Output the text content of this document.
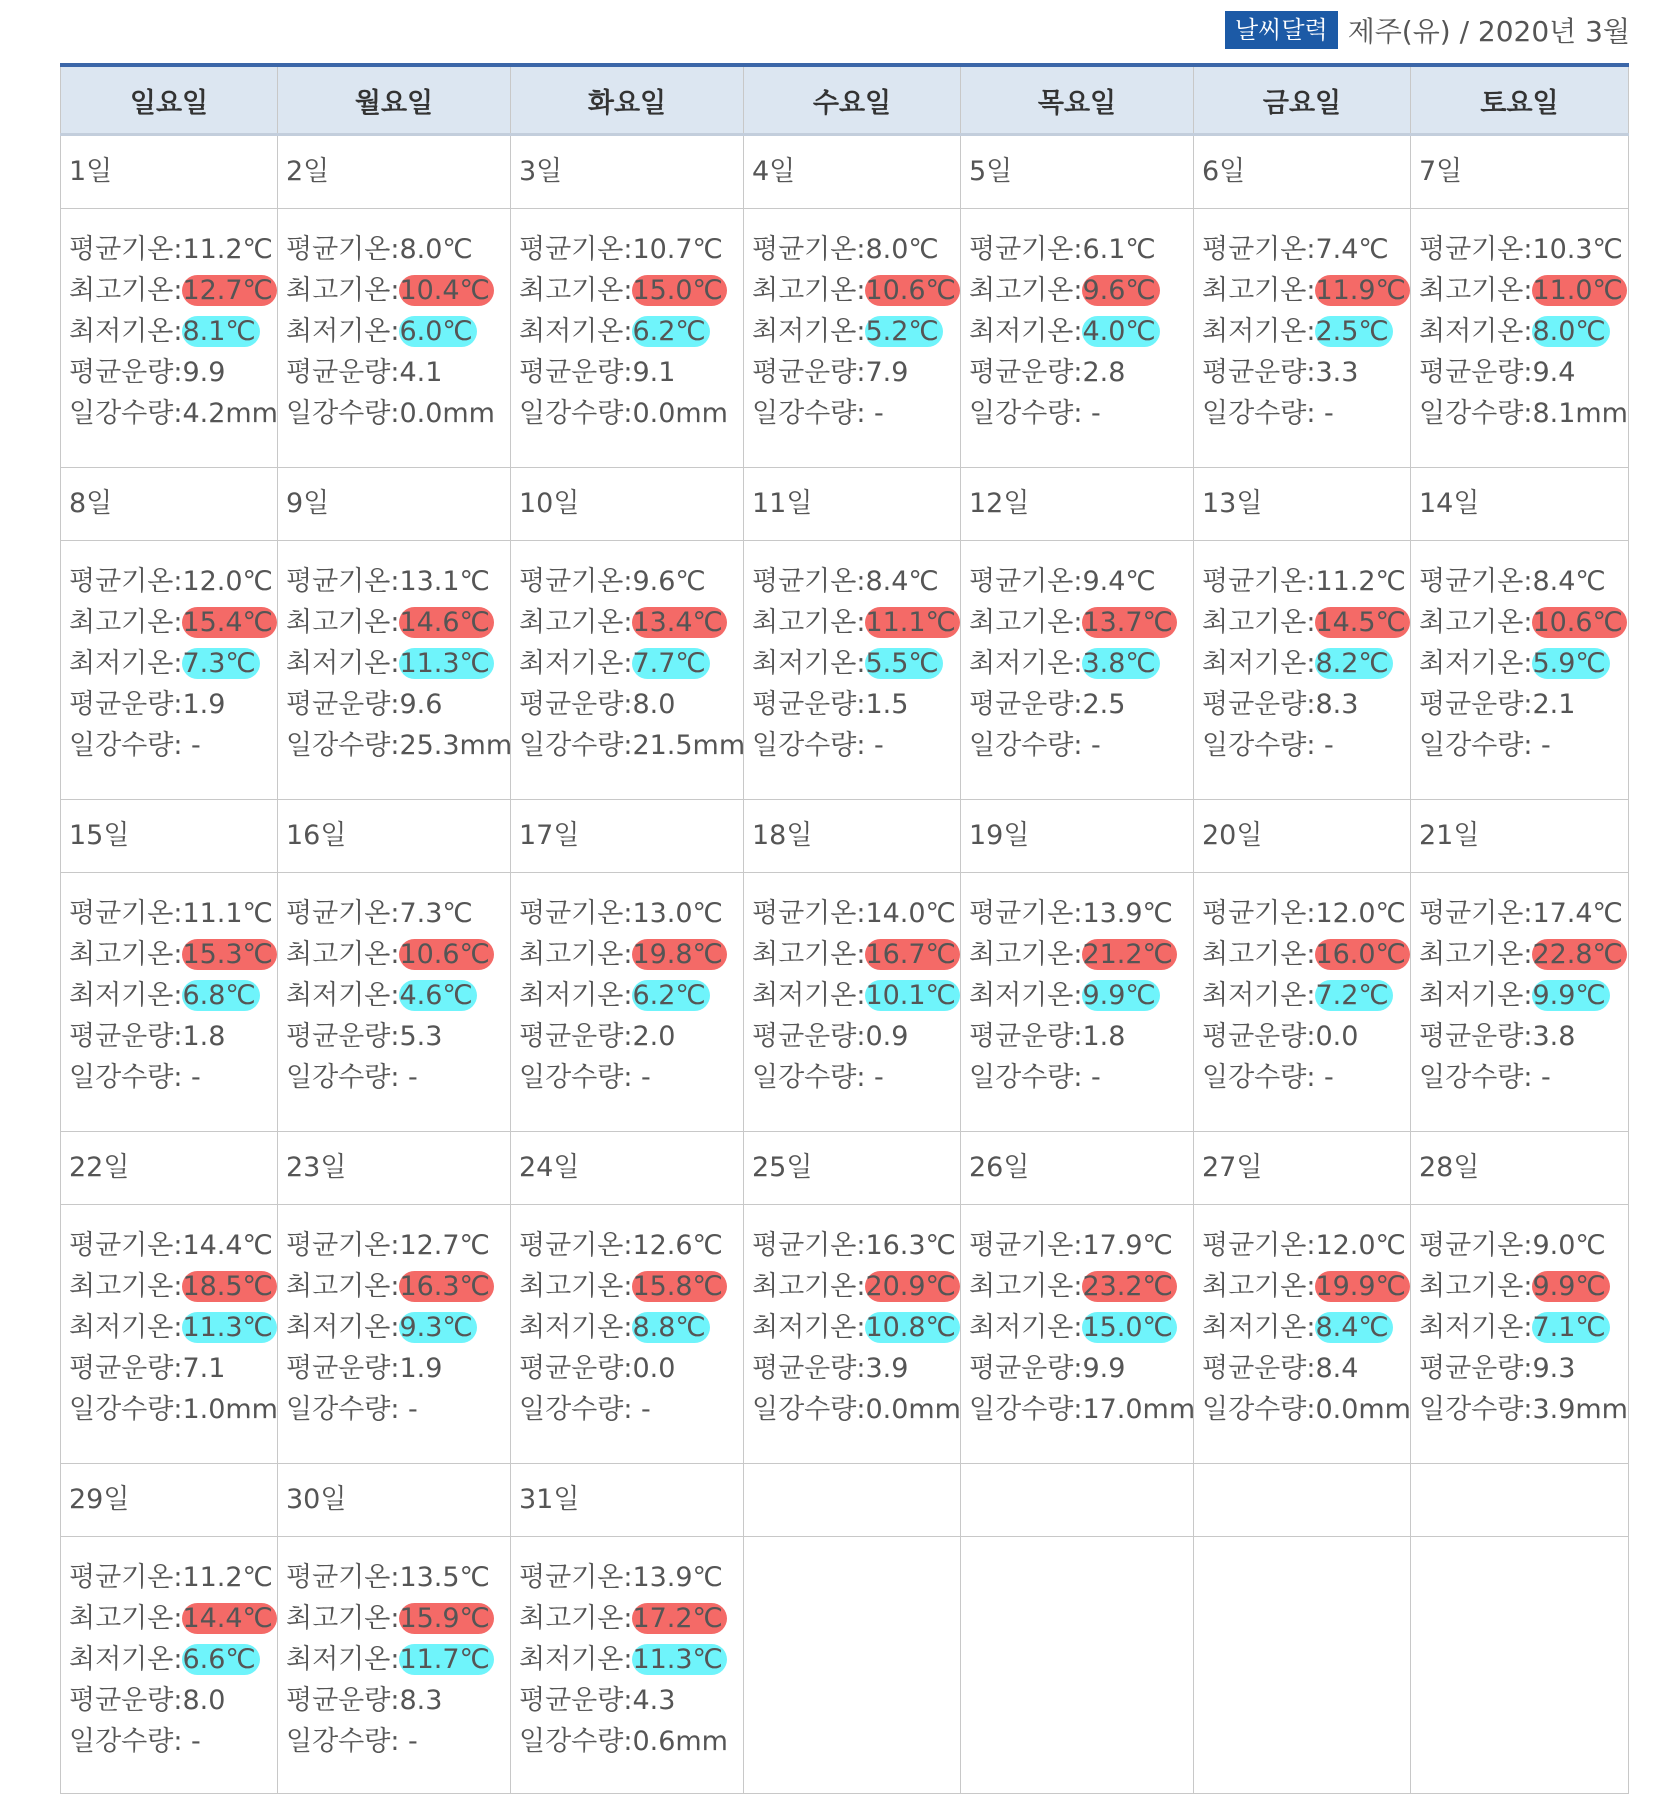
날씨달력 제주(유) / 2020년 3월
일요일	월요일	화요일	수요일	목요일	금요일	토요일
1일	2일	3일	4일	5일	6일	7일

평균기온:11.2℃
최고기온:12.7℃
최저기온:8.1℃
평균운량:9.9
일강수량:4.2mm	평균기온:8.0℃
최고기온:10.4℃
최저기온:6.0℃
평균운량:4.1
일강수량:0.0mm	평균기온:10.7℃
최고기온:15.0℃
최저기온:6.2℃
평균운량:9.1
일강수량:0.0mm	평균기온:8.0℃
최고기온:10.6℃
최저기온:5.2℃
평균운량:7.9
일강수량: -	평균기온:6.1℃
최고기온:9.6℃
최저기온:4.0℃
평균운량:2.8
일강수량: -	평균기온:7.4℃
최고기온:11.9℃
최저기온:2.5℃
평균운량:3.3
일강수량: -	평균기온:10.3℃
최고기온:11.0℃
최저기온:8.0℃
평균운량:9.4
일강수량:8.1mm

8일	9일	10일	11일	12일	13일	14일

평균기온:12.0℃
최고기온:15.4℃
최저기온:7.3℃
평균운량:1.9
일강수량: -	평균기온:13.1℃
최고기온:14.6℃
최저기온:11.3℃
평균운량:9.6
일강수량:25.3mm	평균기온:9.6℃
최고기온:13.4℃
최저기온:7.7℃
평균운량:8.0
일강수량:21.5mm	평균기온:8.4℃
최고기온:11.1℃
최저기온:5.5℃
평균운량:1.5
일강수량: -	평균기온:9.4℃
최고기온:13.7℃
최저기온:3.8℃
평균운량:2.5
일강수량: -	평균기온:11.2℃
최고기온:14.5℃
최저기온:8.2℃
평균운량:8.3
일강수량: -	평균기온:8.4℃
최고기온:10.6℃
최저기온:5.9℃
평균운량:2.1
일강수량: -

15일	16일	17일	18일	19일	20일	21일

평균기온:11.1℃
최고기온:15.3℃
최저기온:6.8℃
평균운량:1.8
일강수량: -	평균기온:7.3℃
최고기온:10.6℃
최저기온:4.6℃
평균운량:5.3
일강수량: -	평균기온:13.0℃
최고기온:19.8℃
최저기온:6.2℃
평균운량:2.0
일강수량: -	평균기온:14.0℃
최고기온:16.7℃
최저기온:10.1℃
평균운량:0.9
일강수량: -	평균기온:13.9℃
최고기온:21.2℃
최저기온:9.9℃
평균운량:1.8
일강수량: -	평균기온:12.0℃
최고기온:16.0℃
최저기온:7.2℃
평균운량:0.0
일강수량: -	평균기온:17.4℃
최고기온:22.8℃
최저기온:9.9℃
평균운량:3.8
일강수량: -

22일	23일	24일	25일	26일	27일	28일

평균기온:14.4℃
최고기온:18.5℃
최저기온:11.3℃
평균운량:7.1
일강수량:1.0mm	평균기온:12.7℃
최고기온:16.3℃
최저기온:9.3℃
평균운량:1.9
일강수량: -	평균기온:12.6℃
최고기온:15.8℃
최저기온:8.8℃
평균운량:0.0
일강수량: -	평균기온:16.3℃
최고기온:20.9℃
최저기온:10.8℃
평균운량:3.9
일강수량:0.0mm	평균기온:17.9℃
최고기온:23.2℃
최저기온:15.0℃
평균운량:9.9
일강수량:17.0mm	평균기온:12.0℃
최고기온:19.9℃
최저기온:8.4℃
평균운량:8.4
일강수량:0.0mm	평균기온:9.0℃
최고기온:9.9℃
최저기온:7.1℃
평균운량:9.3
일강수량:3.9mm

29일	30일	31일				

평균기온:11.2℃
최고기온:14.4℃
최저기온:6.6℃
평균운량:8.0
일강수량: -	평균기온:13.5℃
최고기온:15.9℃
최저기온:11.7℃
평균운량:8.3
일강수량: -	평균기온:13.9℃
최고기온:17.2℃
최저기온:11.3℃
평균운량:4.3
일강수량:0.6mm				
